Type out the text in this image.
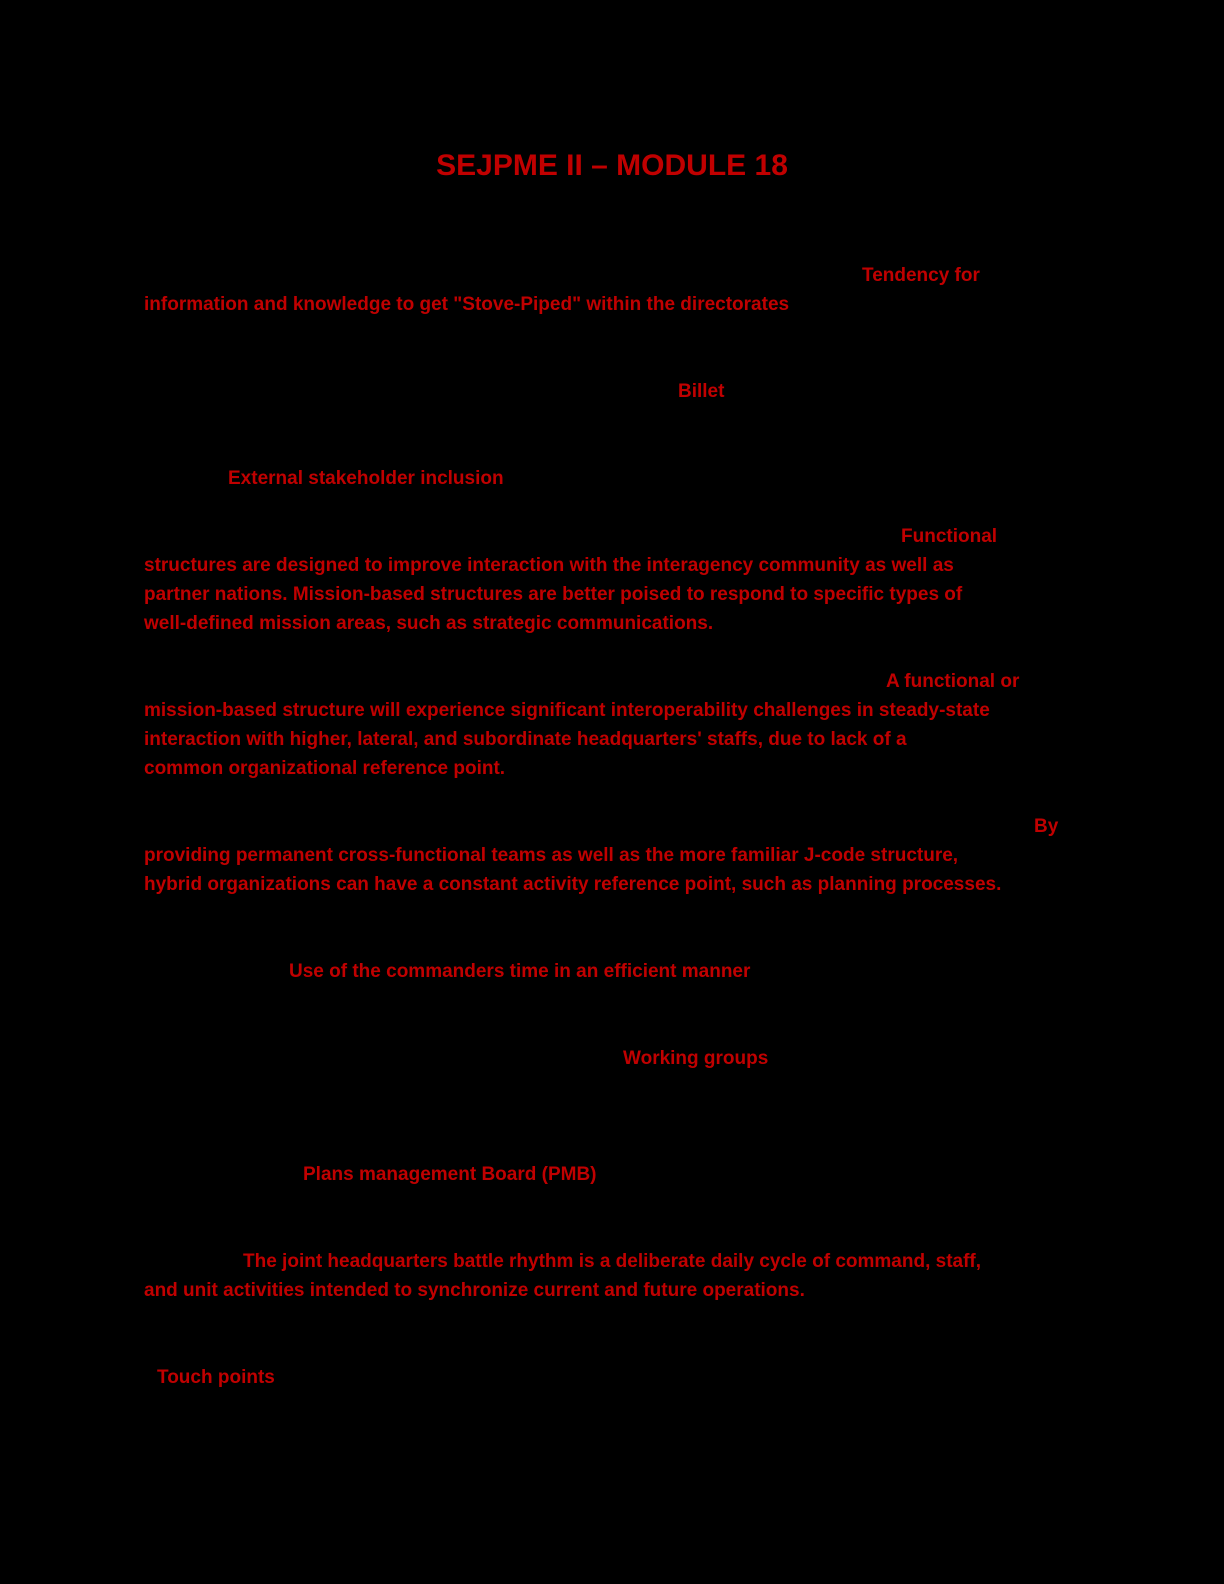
SEJPME II – MODULE 18

Tendency for

information and knowledge to get "Stove-Piped" within the directorates

Billet

External stakeholder inclusion

Functional

structures are designed to improve interaction with the interagency community as well as

partner nations. Mission-based structures are better poised to respond to specific types of

well-defined mission areas, such as strategic communications.

A functional or

mission-based structure will experience significant interoperability challenges in steady-state

interaction with higher, lateral, and subordinate headquarters' staffs, due to lack of a

common organizational reference point.

By

providing permanent cross-functional teams as well as the more familiar J-code structure,

hybrid organizations can have a constant activity reference point, such as planning processes.

Use of the commanders time in an efficient manner

Working groups

Plans management Board (PMB)

The joint headquarters battle rhythm is a deliberate daily cycle of command, staff,

and unit activities intended to synchronize current and future operations.

Touch points
